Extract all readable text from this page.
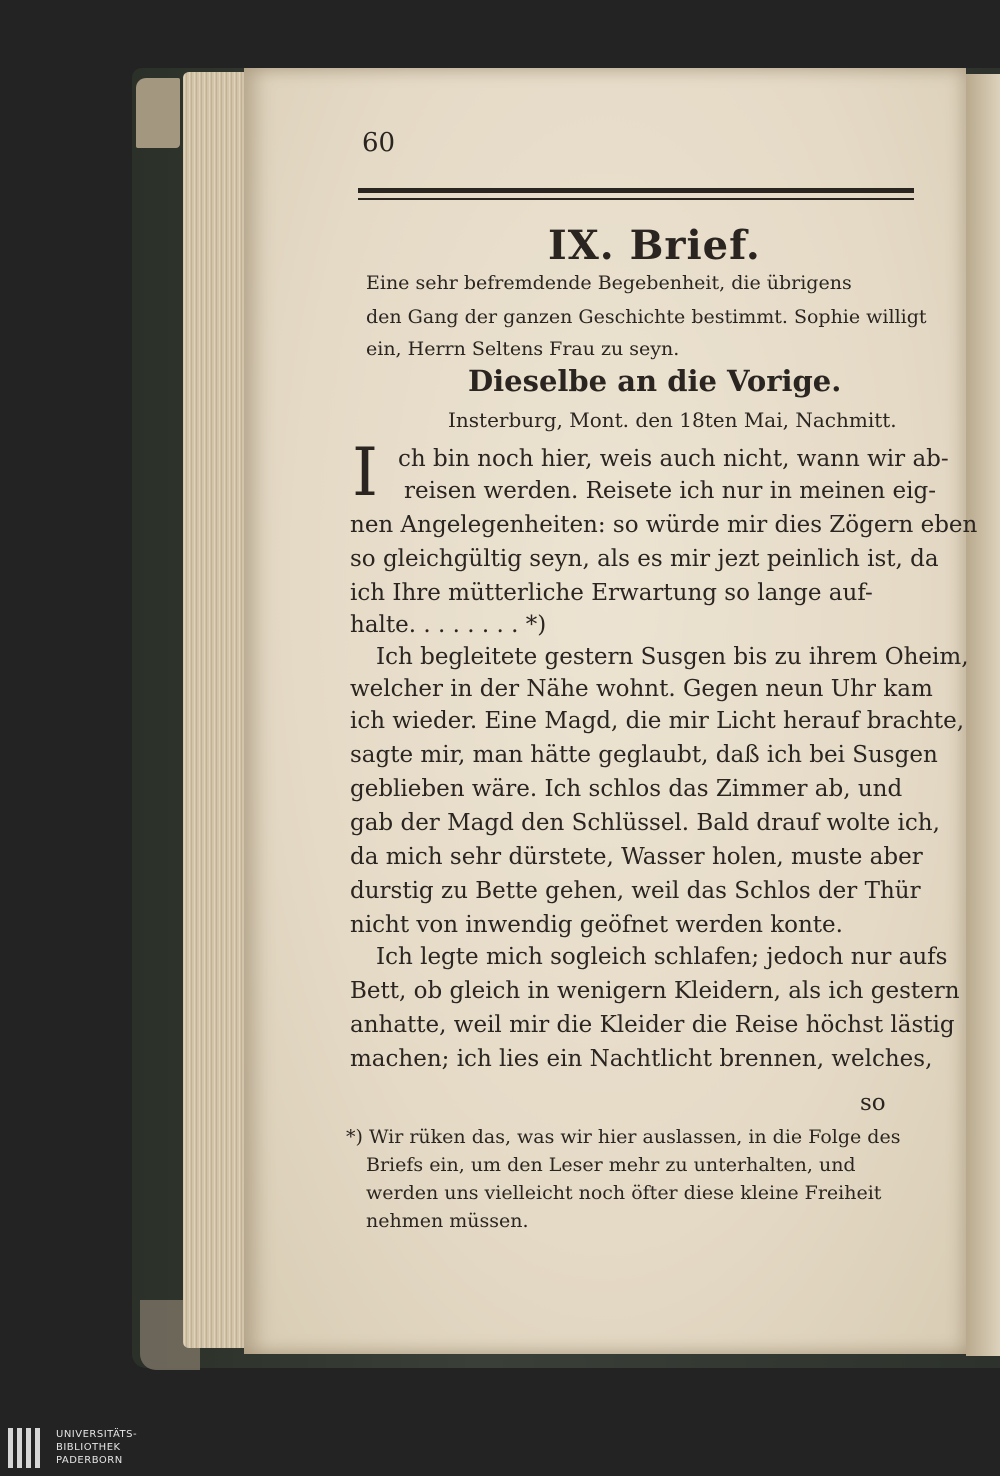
60
IX. Brief.
Eine sehr befremdende Begebenheit, die übrigens
den Gang der ganzen Geschichte bestimmt. Sophie willigt
ein, Herrn Seltens Frau zu seyn.
Dieselbe an die Vorige.
Insterburg, Mont. den 18ten Mai, Nachmitt.
I ch bin noch hier, weis auch nicht, wann wir ab-
reisen werden. Reisete ich nur in meinen eig-
nen Angelegenheiten: so würde mir dies Zögern eben
so gleichgültig seyn, als es mir jezt peinlich ist, da
ich Ihre mütterliche Erwartung so lange auf-
halte. . . . . . . . *)
Ich begleitete gestern Susgen bis zu ihrem Oheim,
welcher in der Nähe wohnt. Gegen neun Uhr kam
ich wieder. Eine Magd, die mir Licht herauf brachte,
sagte mir, man hätte geglaubt, daß ich bei Susgen
geblieben wäre. Ich schlos das Zimmer ab, und
gab der Magd den Schlüssel. Bald drauf wolte ich,
da mich sehr dürstete, Wasser holen, muste aber
durstig zu Bette gehen, weil das Schlos der Thür
nicht von inwendig geöfnet werden konte.
Ich legte mich sogleich schlafen; jedoch nur aufs
Bett, ob gleich in wenigern Kleidern, als ich gestern
anhatte, weil mir die Kleider die Reise höchst lästig
machen; ich lies ein Nachtlicht brennen, welches,
so
*) Wir rüken das, was wir hier auslassen, in die Folge des
Briefs ein, um den Leser mehr zu unterhalten, und
werden uns vielleicht noch öfter diese kleine Freiheit
nehmen müssen.
UNIVERSITÄTS-
BIBLIOTHEK
PADERBORN
